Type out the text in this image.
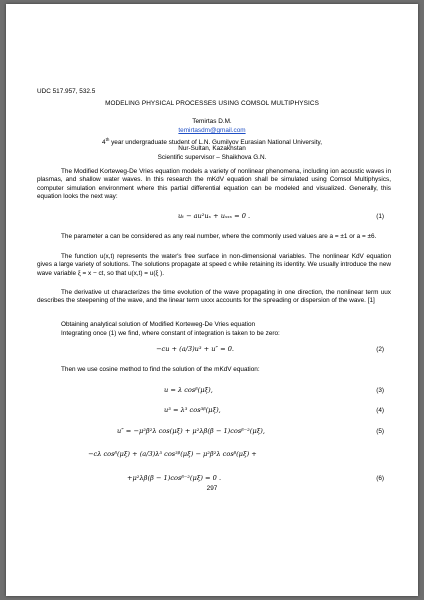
UDC 517.957, 532.5
MODELING PHYSICAL PROCESSES USING COMSOL MULTIPHYSICS
Temirtas D.M.
temirtasdm@gmail.com
4th year undergraduate student of L.N. Gumilyov Eurasian National University,
Nur-Sultan, Kazakhstan
Scientific supervisor – Shaikhova G.N.
The Modified Korteweg-De Vries equation models a variety of nonlinear phenomena, including ion acoustic waves in plasmas, and shallow water waves. In this research the mKdV equation shall be simulated using Comsol Multiphysics, computer simulation environment where this partial differential equation can be modeled and visualized. Generally, this equation looks the next way:
uₜ − au²uₓ + uₓₓₓ = 0 .	(1)
The parameter a can be considered as any real number, where the commonly used values are a = ±1 or a = ±6.
The function u(x,t) represents the water's free surface in non-dimensional variables. The nonlinear KdV equation gives a large variety of solutions. The solutions propagate at speed c while retaining its identity. We usually introduce the new wave variable ξ = x − ct, so that u(x,t) = u(ξ ).
The derivative ut characterizes the time evolution of the wave propagating in one direction, the nonlinear term uux describes the steepening of the wave, and the linear term uxxx accounts for the spreading or dispersion of the wave. [1]
Obtaining analytical solution of Modified Korteweg-De Vries equation
Integrating once (1) we find, where constant of integration is taken to be zero:
−cu + (a/3)u³ + u″ = 0.	(2)
Then we use cosine method to find the solution of the mKdV equation:
u = λ cosᵝ(μξ),	(3)
u³ = λ³ cos³ᵝ(μξ),	(4)
u″ = −μ²β²λ cos(μξ) + μ²λβ(β − 1)cosᵝ⁻²(μξ),	(5)
−cλ cosᵝ(μξ) + (a/3)λ³ cos³ᵝ(μξ) − μ²β²λ cosᵝ(μξ) +
+μ²λβ(β − 1)cosᵝ⁻²(μξ) = 0 .	(6)
297
